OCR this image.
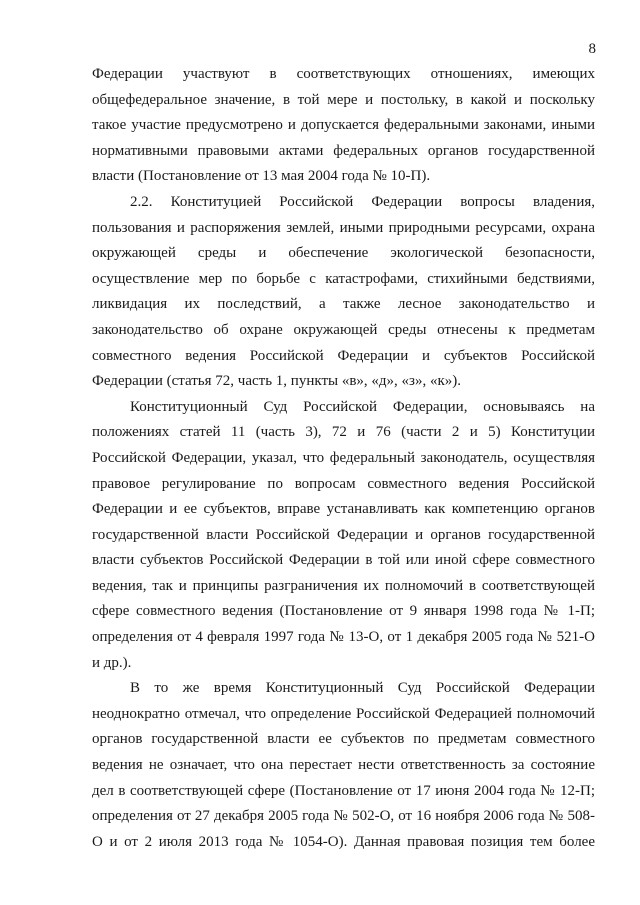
8
Федерации участвуют в соответствующих отношениях, имеющих
общефедеральное значение, в той мере и постольку, в какой и поскольку
такое участие предусмотрено и допускается федеральными законами, иными
нормативными правовыми актами федеральных органов государственной
власти (Постановление от 13 мая 2004 года № 10-П).
2.2. Конституцией Российской Федерации вопросы владения,
пользования и распоряжения землей, иными природными ресурсами, охрана
окружающей среды и обеспечение экологической безопасности,
осуществление мер по борьбе с катастрофами, стихийными бедствиями,
ликвидация их последствий, а также лесное законодательство и
законодательство об охране окружающей среды отнесены к предметам
совместного ведения Российской Федерации и субъектов Российской
Федерации (статья 72, часть 1, пункты «в», «д», «з», «к»).
Конституционный Суд Российской Федерации, основываясь на
положениях статей 11 (часть 3), 72 и 76 (части 2 и 5) Конституции
Российской Федерации, указал, что федеральный законодатель, осуществляя
правовое регулирование по вопросам совместного ведения Российской
Федерации и ее субъектов, вправе устанавливать как компетенцию органов
государственной власти Российской Федерации и органов государственной
власти субъектов Российской Федерации в той или иной сфере совместного
ведения, так и принципы разграничения их полномочий в соответствующей
сфере совместного ведения (Постановление от 9 января 1998 года № 1-П;
определения от 4 февраля 1997 года № 13-О, от 1 декабря 2005 года № 521-О
и др.).
В то же время Конституционный Суд Российской Федерации
неоднократно отмечал, что определение Российской Федерацией полномочий
органов государственной власти ее субъектов по предметам совместного
ведения не означает, что она перестает нести ответственность за состояние
дел в соответствующей сфере (Постановление от 17 июня 2004 года № 12-П;
определения от 27 декабря 2005 года № 502-О, от 16 ноября 2006 года № 508-
О и от 2 июля 2013 года № 1054-О). Данная правовая позиция тем более
